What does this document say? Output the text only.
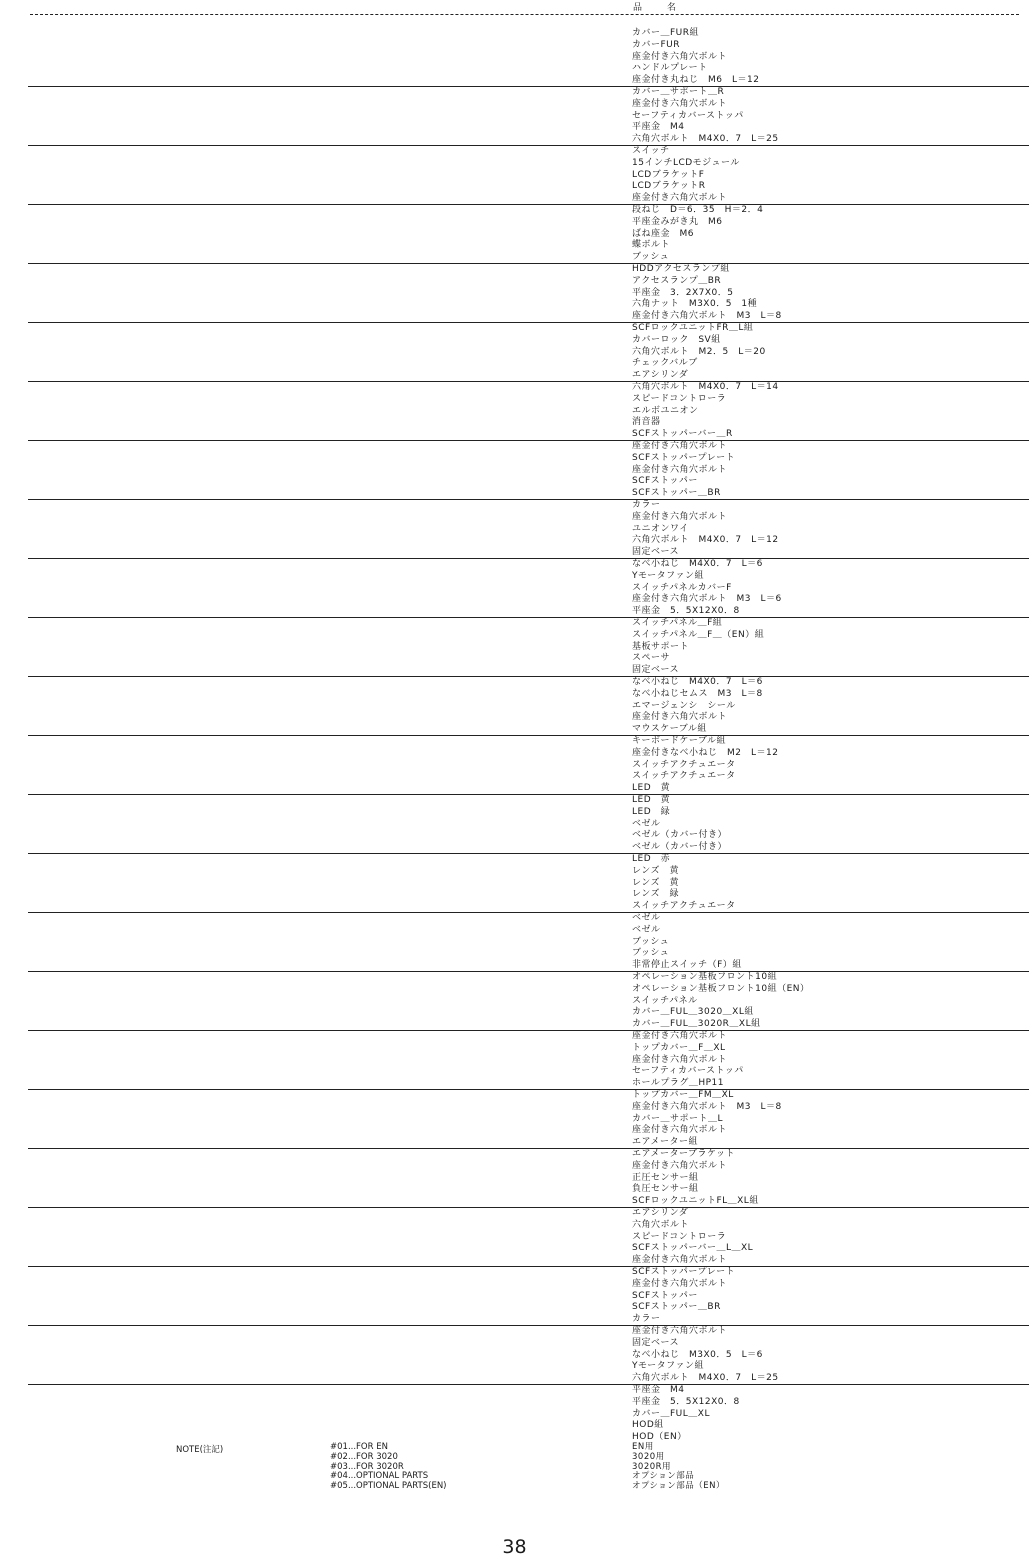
品　名
カバー＿FUR組
カバーFUR
座金付き六角穴ボルト
ハンドルプレート
座金付き丸ねじ　M6　L＝12
カバー＿サポート＿R
座金付き六角穴ボルト
セーフティカバーストッパ
平座金　M4
六角穴ボルト　M4X0．7　L＝25
スイッチ
15インチLCDモジュール
LCDブラケットF
LCDブラケットR
座金付き六角穴ボルト
段ねじ　D＝6．35　H＝2．4
平座金みがき丸　M6
ばね座金　M6
蝶ボルト
ブッシュ
HDDアクセスランプ組
アクセスランプ＿BR
平座金　3．2X7X0．5
六角ナット　M3X0．5　1種
座金付き六角穴ボルト　M3　L＝8
SCFロックユニットFR＿L組
カバーロック　SV組
六角穴ボルト　M2．5　L＝20
チェックバルブ
エアシリンダ
六角穴ボルト　M4X0．7　L＝14
スピードコントローラ
エルボユニオン
消音器
SCFストッパーバー＿R
座金付き六角穴ボルト
SCFストッパープレート
座金付き六角穴ボルト
SCFストッパー
SCFストッパー＿BR
カラー
座金付き六角穴ボルト
ユニオンワイ
六角穴ボルト　M4X0．7　L＝12
固定ベース
なべ小ねじ　M4X0．7　L＝6
Yモータファン組
スイッチパネルカバーF
座金付き六角穴ボルト　M3　L＝6
平座金　5．5X12X0．8
スイッチパネル＿F組
スイッチパネル＿F＿（EN）組
基板サポート
スペーサ
固定ベース
なべ小ねじ　M4X0．7　L＝6
なべ小ねじセムス　M3　L＝8
エマージェンシ　シール
座金付き六角穴ボルト
マウスケーブル組
キーボードケーブル組
座金付きなべ小ねじ　M2　L＝12
スイッチアクチュエータ
スイッチアクチュエータ
LED　黄
LED　黄
LED　緑
ベゼル
ベゼル（カバー付き）
ベゼル（カバー付き）
LED　赤
レンズ　黄
レンズ　黄
レンズ　緑
スイッチアクチュエータ
ベゼル
ベゼル
ブッシュ
ブッシュ
非常停止スイッチ（F）組
オペレーション基板フロント10組
オペレーション基板フロント10組（EN）
スイッチパネル
カバー＿FUL＿3020＿XL組
カバー＿FUL＿3020R＿XL組
座金付き六角穴ボルト
トップカバー＿F＿XL
座金付き六角穴ボルト
セーフティカバーストッパ
ホールプラグ＿HP11
トップカバー＿FM＿XL
座金付き六角穴ボルト　M3　L＝8
カバー＿サポート＿L
座金付き六角穴ボルト
エアメーター組
エアメーターブラケット
座金付き六角穴ボルト
正圧センサー組
負圧センサー組
SCFロックユニットFL＿XL組
エアシリンダ
六角穴ボルト
スピードコントローラ
SCFストッパーバー＿L＿XL
座金付き六角穴ボルト
SCFストッパープレート
座金付き六角穴ボルト
SCFストッパー
SCFストッパー＿BR
カラー
座金付き六角穴ボルト
固定ベース
なべ小ねじ　M3X0．5　L＝6
Yモータファン組
六角穴ボルト　M4X0．7　L＝25
平座金　M4
平座金　5．5X12X0．8
カバー＿FUL＿XL
HOD組
HOD（EN）
NOTE(注記)	#01...FOR EN
#02...FOR 3020
#03...FOR 3020R
#04...OPTIONAL PARTS
#05...OPTIONAL PARTS(EN)
EN用
3020用
3020R用
オプション部品
オプション部品（EN）
38
